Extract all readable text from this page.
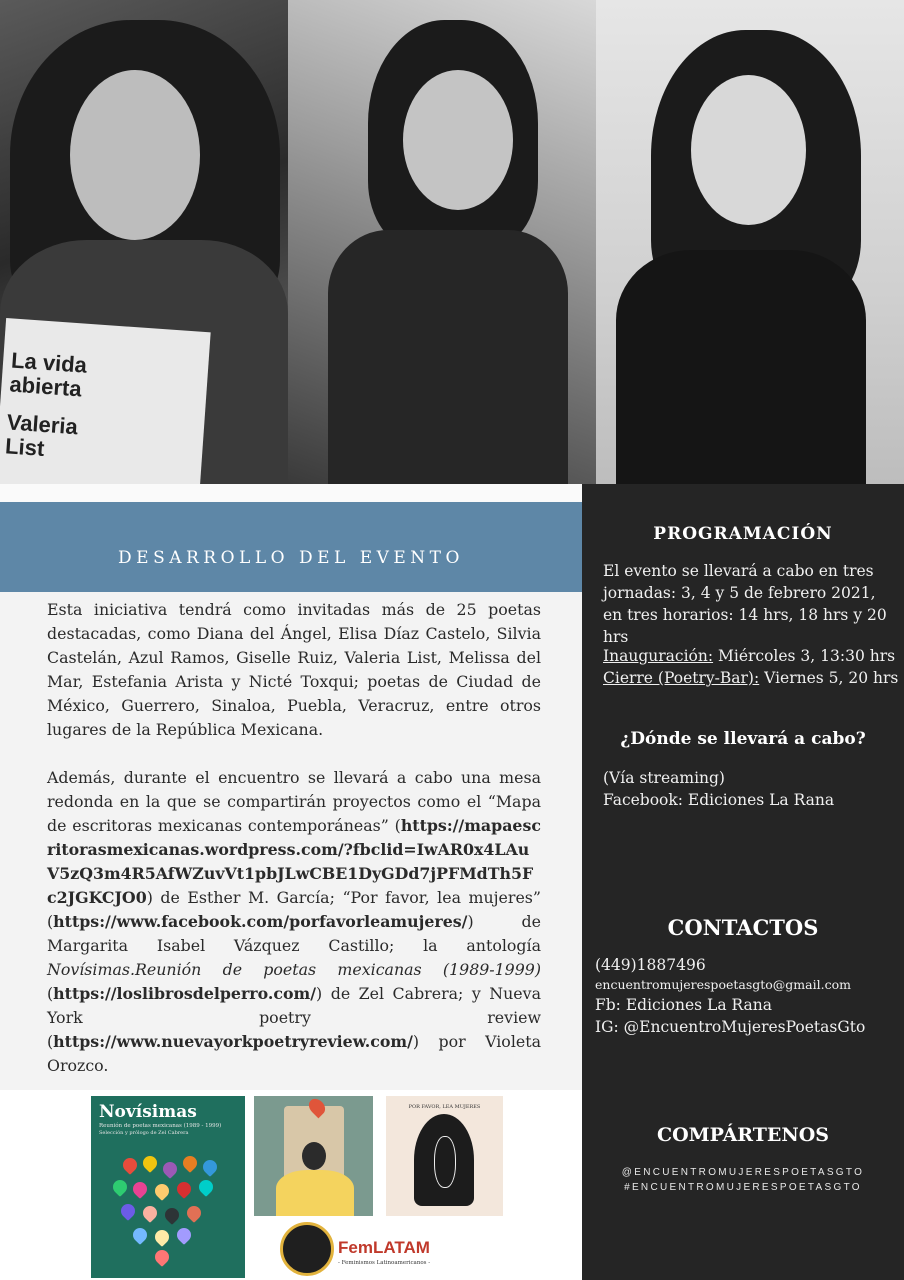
La vida
abierta
Valeria
List
DESARROLLO DEL EVENTO
Esta iniciativa tendrá como invitadas más de 25 poetas destacadas, como Diana del Ángel, Elisa Díaz Castelo, Silvia Castelán, Azul Ramos, Giselle Ruiz, Valeria List, Melissa del Mar, Estefania Arista y Nicté Toxqui; poetas de Ciudad de México, Guerrero, Sinaloa, Puebla, Veracruz, entre otros lugares de la República Mexicana.
Además, durante el encuentro se llevará a cabo una mesa redonda en la que se compartirán proyectos como el “Mapa de escritoras mexicanas contemporáneas” (https://mapaescritorasmexicanas.wordpress.com/?fbclid=IwAR0x4LAuV5zQ3m4R5AfWZuvVt1pbJLwCBE1DyGDd7jPFMdTh5Fc2JGKCJO0) de Esther M. García; “Por favor, lea mujeres” (https://www.facebook.com/porfavorleamujeres/) de Margarita Isabel Vázquez Castillo; la antología Novísimas.Reunión de poetas mexicanas (1989-1999) (https://loslibrosdelperro.com/) de Zel Cabrera; y Nueva York poetry review (https://www.nuevayorkpoetryreview.com/) por Violeta Orozco.
Novísimas
Reunión de poetas mexicanas (1989 - 1999)
Selección y prólogo de Zel Cabrera
POR FAVOR, LEA MUJERES
FemLATAM
- Feminismos Latinoamericanos -
PROGRAMACIÓN
El evento se llevará a cabo en tres
jornadas: 3, 4 y 5 de febrero 2021,
en tres horarios: 14 hrs, 18 hrs y 20 hrs
Inauguración: Miércoles 3, 13:30 hrs
Cierre (Poetry-Bar): Viernes 5, 20 hrs
¿Dónde se llevará a cabo?
(Vía streaming)
Facebook: Ediciones La Rana
CONTACTOS
(449)1887496
encuentromujerespoetasgto@gmail.com
Fb: Ediciones La Rana
IG: @EncuentroMujeresPoetasGto
COMPÁRTENOS
@ENCUENTROMUJERESPOETASGTO
#ENCUENTROMUJERESPOETASGTO
